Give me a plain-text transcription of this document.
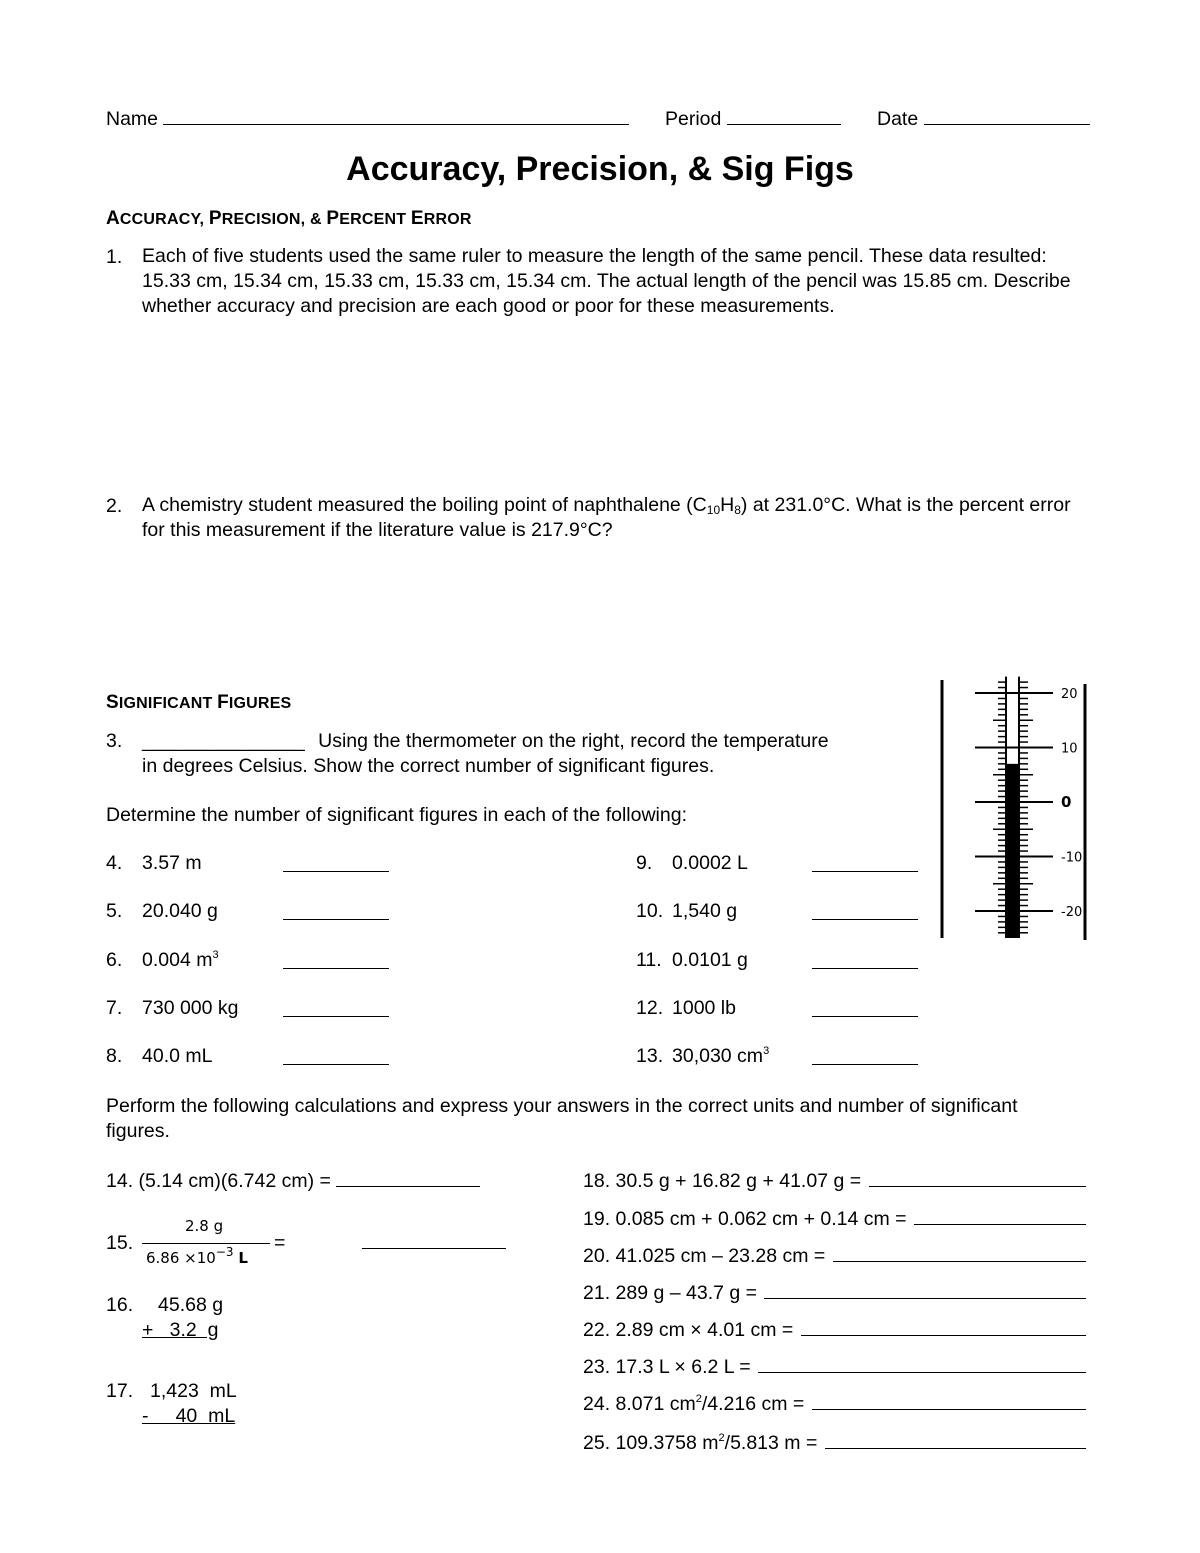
Name	Period	Date
Accuracy, Precision, & Sig Figs
ACCURACY, PRECISION, & PERCENT ERROR
1. Each of five students used the same ruler to measure the length of the same pencil. These data resulted: 15.33 cm, 15.34 cm, 15.33 cm, 15.33 cm, 15.34 cm. The actual length of the pencil was 15.85 cm. Describe whether accuracy and precision are each good or poor for these measurements.
2. A chemistry student measured the boiling point of naphthalene $(C_{10}H_8)$ at 231.0°C. What is the percent error for this measurement if the literature value is 217.9°C?
SIGNIFICANT FIGURES
3. _______________ Using the thermometer on the right, record the temperature
in degrees Celsius. Show the correct number of significant figures.
Determine the number of significant figures in each of the following:
4. 3.57 m
5. 20.040 g
6. 0.004 $m^3$
7. 730 000 kg
8. 40.0 mL
9. 0.0002 L
10. 1,540 g
11. 0.0101 g
12. 1000 lb
13. 30,030 $cm^3$
20
10
0
-10
-20
Perform the following calculations and express your answers in the correct units and number of significant figures.
14. (5.14 cm)(6.742 cm) =
15.
2.8 g
$6.86 \times 10^{-3}$ L
=
16. 45.68 g
+   3.2  g
17. 1,423  mL
-     40  mL
18. 30.5 g + 16.82 g + 41.07 g =
19. 0.085 cm + 0.062 cm + 0.14 cm =
20. 41.025 cm – 23.28 cm =
21. 289 g – 43.7 g =
22. 2.89 cm × 4.01 cm =
23. 17.3 L × 6.2 L =
24. 8.071 $cm^2/4.216$ cm =
25. 109.3758 $m^2/5.813$ m =
